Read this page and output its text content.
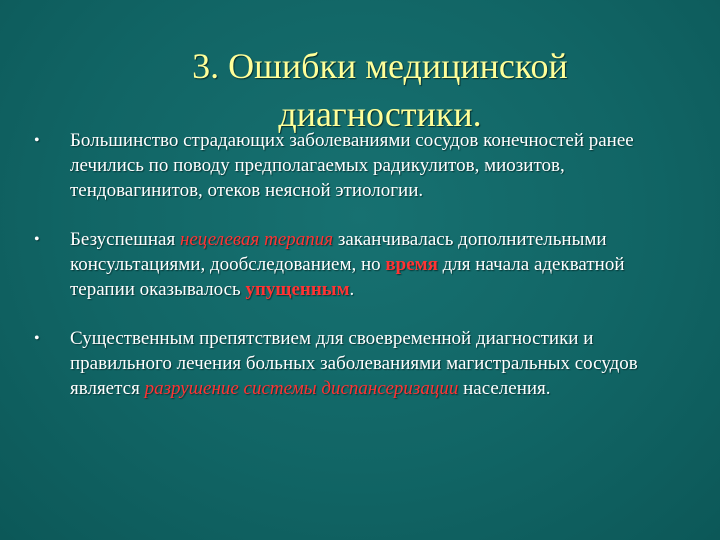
3. Ошибки медицинской
диагностики.
• Большинство страдающих заболеваниями сосудов конечностей ранее лечились по поводу предполагаемых радикулитов, миозитов, тендовагинитов, отеков неясной этиологии.
• Безуспешная нецелевая терапия заканчивалась дополнительными консультациями, дообследованием, но время для начала адекватной терапии оказывалось упущенным.
• Существенным препятствием для своевременной диагностики и правильного лечения больных заболеваниями магистральных сосудов является разрушение системы диспансеризации населения.
